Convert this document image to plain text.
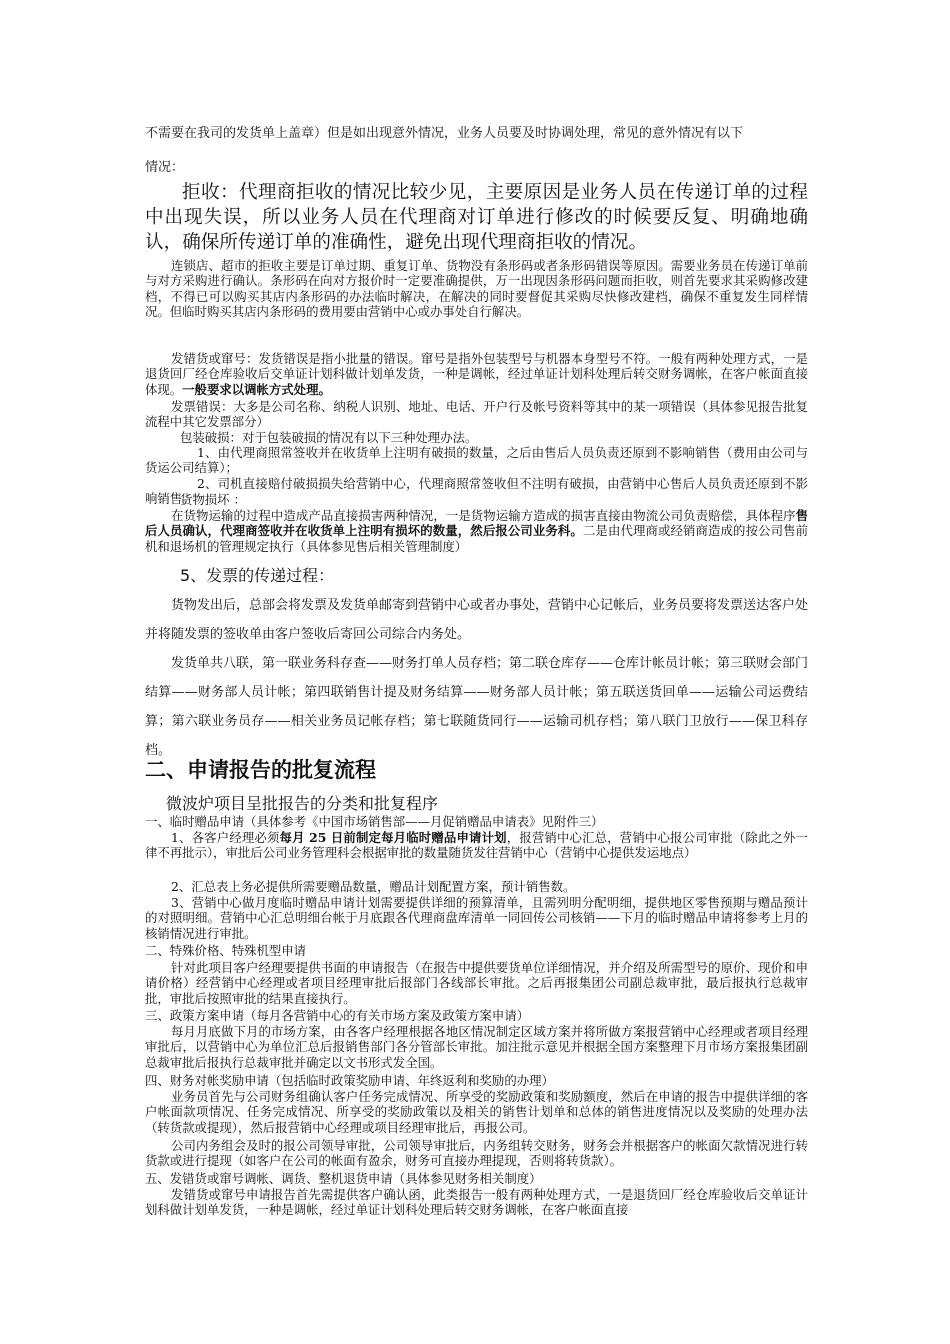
不需要在我司的发货单上盖章）但是如出现意外情况，业务人员要及时协调处理，常见的意外情况有以下
情况：

拒收：代理商拒收的情况比较少见，主要原因是业务人员在传递订单的过程中出现失误，所以业务人员在代理商对订单进行修改的时候要反复、明确地确认，确保所传递订单的准确性，避免出现代理商拒收的情况。

连锁店、超市的拒收主要是订单过期、重复订单、货物没有条形码或者条形码错误等原因。需要业务员在传递订单前与对方采购进行确认。条形码在向对方报价时一定要准确提供，万一出现因条形码问题而拒收，则首先要求其采购修改建档，不得已可以购买其店内条形码的办法临时解决，在解决的同时要督促其采购尽快修改建档，确保不重复发生同样情况。但临时购买其店内条形码的费用要由营销中心或办事处自行解决。

发错货或窜号：发货错误是指小批量的错误。窜号是指外包装型号与机器本身型号不符。一般有两种处理方式，一是退货回厂经仓库验收后交单证计划科做计划单发货，一种是调帐，经过单证计划科处理后转交财务调帐，在客户帐面直接体现。一般要求以调帐方式处理。

发票错误：大多是公司名称、纳税人识别、地址、电话、开户行及帐号资料等其中的某一项错误（具体参见报告批复流程中其它发票部分）

包装破损：对于包装破损的情况有以下三种处理办法。

1、由代理商照常签收并在收货单上注明有破损的数量，之后由售后人员负责还原到不影响销售（费用由公司与货运公司结算）；

2、司机直接赔付破损损失给营销中心，代理商照常签收但不注明有破损，由营销中心售后人员负责还原到不影响销售。

货物损坏 ：

在货物运输的过程中造成产品直接损害两种情况，一是货物运输方造成的损害直接由物流公司负责赔偿，具体程序售后人员确认，代理商签收并在收货单上注明有损坏的数量，然后报公司业务科。二是由代理商或经销商造成的按公司售前机和退场机的管理规定执行（具体参见售后相关管理制度）

5、发票的传递过程：

货物发出后，总部会将发票及发货单邮寄到营销中心或者办事处，营销中心记帐后，业务员要将发票送达客户处并将随发票的签收单由客户签收后寄回公司综合内务处。

发货单共八联，第一联业务科存查——财务打单人员存档；第二联仓库存——仓库计帐员计帐；第三联财会部门结算——财务部人员计帐；第四联销售计提及财务结算——财务部人员计帐；第五联送货回单——运输公司运费结算；第六联业务员存——相关业务员记帐存档；第七联随货同行——运输司机存档；第八联门卫放行——保卫科存档。

二、申请报告的批复流程

微波炉项目呈批报告的分类和批复程序

一、临时赠品申请（具体参考《中国市场销售部——月促销赠品申请表》见附件三）

1、各客户经理必须每月 25 日前制定每月临时赠品申请计划，报营销中心汇总，营销中心报公司审批（除此之外一律不再批示），审批后公司业务管理科会根据审批的数量随货发往营销中心（营销中心提供发运地点）

2、汇总表上务必提供所需要赠品数量，赠品计划配置方案，预计销售数。

3、营销中心做月度临时赠品申请计划需要提供详细的预算清单，且需列明分配明细，提供地区零售预期与赠品预计的对照明细。营销中心汇总明细台帐于月底跟各代理商盘库清单一同回传公司核销——下月的临时赠品申请将参考上月的核销情况进行审批。

二、特殊价格、特殊机型申请

针对此项目客户经理要提供书面的申请报告（在报告中提供要货单位详细情况，并介绍及所需型号的原价、现价和申请价格）经营销中心经理或者项目经理审批后报部门各线部长审批。之后再报集团公司副总裁审批，最后报执行总裁审批，审批后按照审批的结果直接执行。

三、政策方案申请（每月各营销中心的有关市场方案及政策方案申请）

每月月底做下月的市场方案，由各客户经理根据各地区情况制定区域方案并将所做方案报营销中心经理或者项目经理审批后，以营销中心为单位汇总后报销售部门各分管部长审批。加注批示意见并根据全国方案整理下月市场方案报集团副总裁审批后报执行总裁审批并确定以文书形式发全国。

四、财务对帐奖励申请（包括临时政策奖励申请、年终返利和奖励的办理）

业务员首先与公司财务组确认客户任务完成情况、所享受的奖励政策和奖励额度，然后在申请的报告中提供详细的客户帐面款项情况、任务完成情况、所享受的奖励政策以及相关的销售计划单和总体的销售进度情况以及奖励的处理办法（转货款或提现），然后报营销中心经理或项目经理审批后，再报公司。

公司内务组会及时的报公司领导审批，公司领导审批后，内务组转交财务，财务会并根据客户的帐面欠款情况进行转货款或进行提现（如客户在公司的帐面有盈余，财务可直接办理提现，否则将转货款）。

五、发错货或窜号调帐、调货、整机退货申请（具体参见财务相关制度）

发错货或窜号申请报告首先需提供客户确认函，此类报告一般有两种处理方式，一是退货回厂经仓库验收后交单证计划科做计划单发货，一种是调帐，经过单证计划科处理后转交财务调帐，在客户帐面直接
